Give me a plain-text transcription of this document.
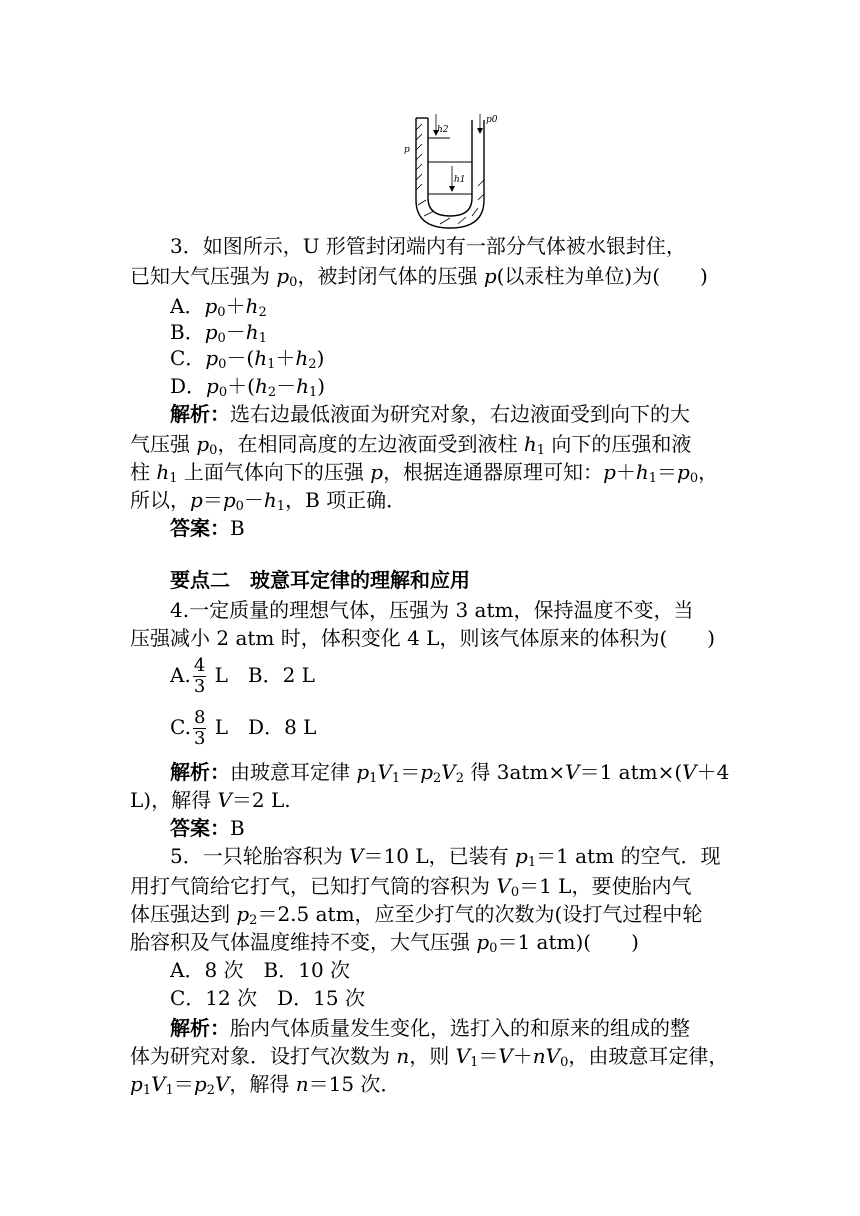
h2
p0
p
h1
3．如图所示，U 形管封闭端内有一部分气体被水银封住，
已知大气压强为 $p_0$，被封闭气体的压强 p(以汞柱为单位)为(　　)
A．$p_0+h_2$
B．$p_0-h_1$
C．$p_0-(h_1+h_2)$
D．$p_0+(h_2-h_1)$
解析：选右边最低液面为研究对象，右边液面受到向下的大
气压强 $p_0$，在相同高度的左边液面受到液柱 $h_1$ 向下的压强和液
柱 $h_1$ 上面气体向下的压强 p，根据连通器原理可知：$p+h_1=p_0$，
所以，$p=p_0-h_1$，B 项正确．
答案：B
要点二　玻意耳定律的理解和应用
4.一定质量的理想气体，压强为 3 atm，保持温度不变，当
压强减小 2 atm 时，体积变化 4 L，则该气体原来的体积为(　　)
A. $\frac{4}{3}$ L　B．2 L
C. $\frac{8}{3}$ L　D．8 L
解析：由玻意耳定律 $p_1V_1=p_2V_2$ 得 3atm×V＝1 atm×(V＋4
L)，解得 V＝2 L.
答案：B
5．一只轮胎容积为 V＝10 L，已装有 $p_1=1$ atm 的空气．现
用打气筒给它打气，已知打气筒的容积为 $V_0=1$ L，要使胎内气
体压强达到 $p_2=2.5$ atm，应至少打气的次数为(设打气过程中轮
胎容积及气体温度维持不变，大气压强 $p_0=1$ atm)(　　)
A．8 次　B．10 次
C．12 次　D．15 次
解析：胎内气体质量发生变化，选打入的和原来的组成的整
体为研究对象．设打气次数为 n，则 $V_1=V+nV_0$，由玻意耳定律，
$p_1V_1=p_2V$，解得 n＝15 次．
